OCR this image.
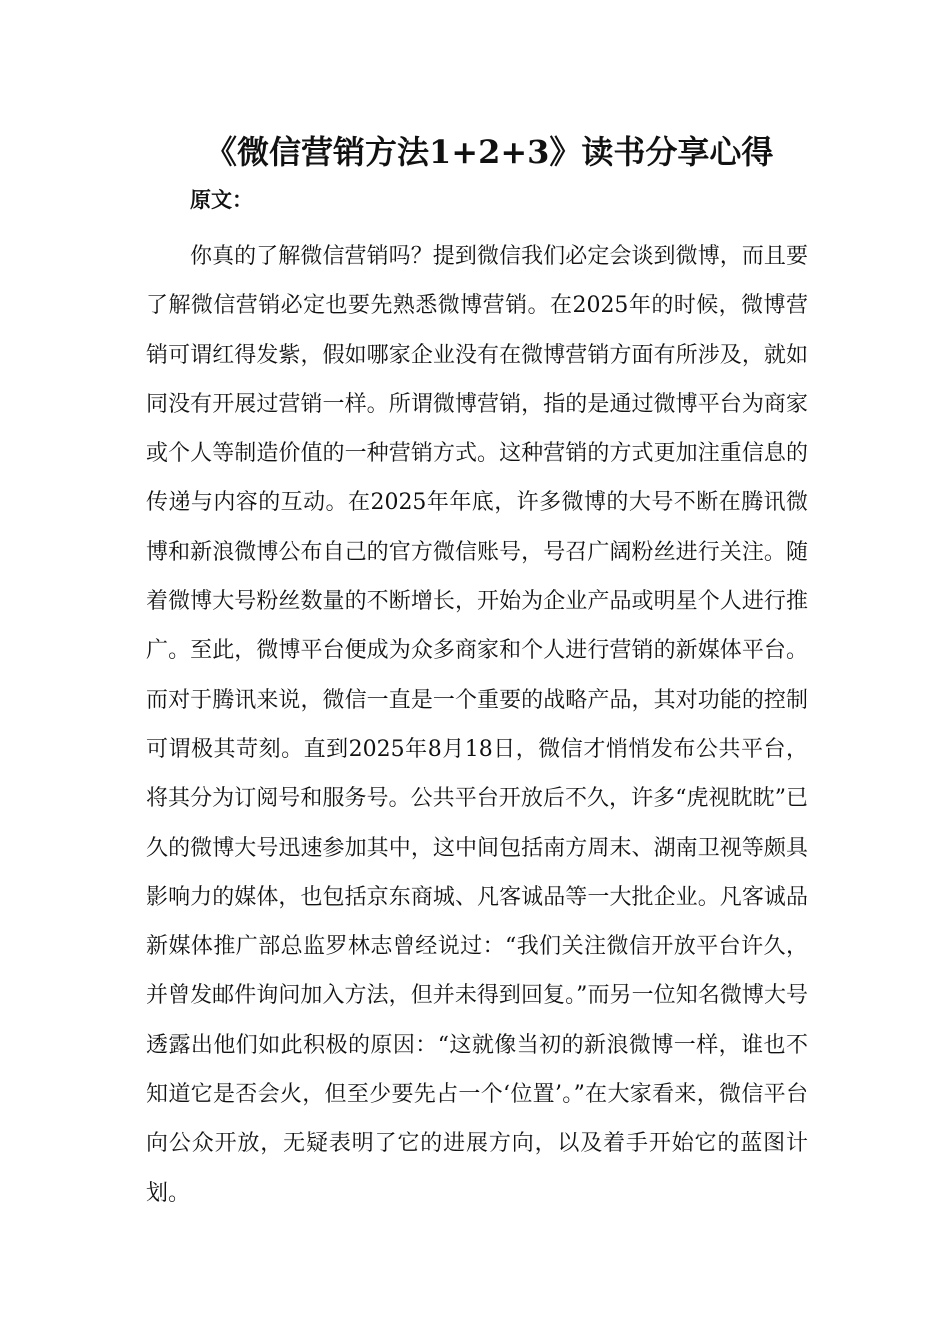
《微信营销方法1+2+3》读书分享心得

原文：

你真的了解微信营销吗？提到微信我们必定会谈到微博，而且要了解微信营销必定也要先熟悉微博营销。在2025年的时候，微博营销可谓红得发紫，假如哪家企业没有在微博营销方面有所涉及，就如同没有开展过营销一样。所谓微博营销，指的是通过微博平台为商家或个人等制造价值的一种营销方式。这种营销的方式更加注重信息的传递与内容的互动。在2025年年底，许多微博的大号不断在腾讯微博和新浪微博公布自己的官方微信账号，号召广阔粉丝进行关注。随着微博大号粉丝数量的不断增长，开始为企业产品或明星个人进行推广。至此，微博平台便成为众多商家和个人进行营销的新媒体平台。而对于腾讯来说，微信一直是一个重要的战略产品，其对功能的控制可谓极其苛刻。直到2025年8月18日，微信才悄悄发布公共平台，将其分为订阅号和服务号。公共平台开放后不久，许多“虎视眈眈”已久的微博大号迅速参加其中，这中间包括南方周末、湖南卫视等颇具影响力的媒体，也包括京东商城、凡客诚品等一大批企业。凡客诚品新媒体推广部总监罗林志曾经说过：“我们关注微信开放平台许久，并曾发邮件询问加入方法，但并未得到回复。”而另一位知名微博大号透露出他们如此积极的原因：“这就像当初的新浪微博一样，谁也不知道它是否会火，但至少要先占一个‘位置’。”在大家看来，微信平台向公众开放，无疑表明了它的进展方向，以及着手开始它的蓝图计划。
